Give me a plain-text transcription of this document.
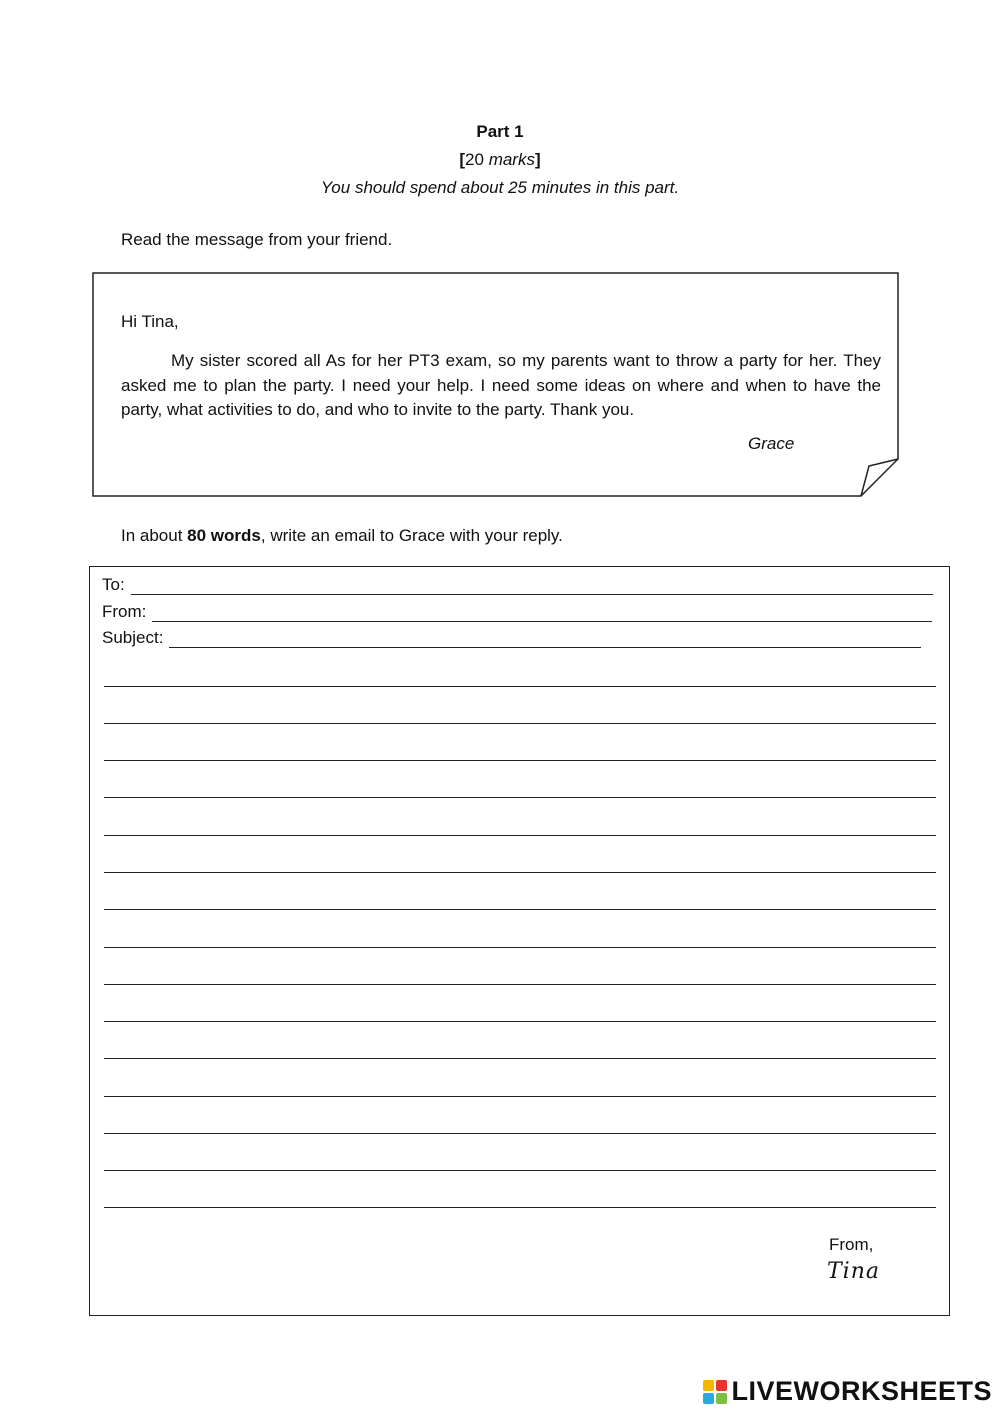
Part 1
[20 marks]
You should spend about 25 minutes in this part.
Read the message from your friend.
Hi Tina,
My sister scored all As for her PT3 exam, so my parents want to throw a party for her. They asked me to plan the party. I need your help. I need some ideas on where and when to have the party, what activities to do, and who to invite to the party. Thank you.
Grace
In about 80 words, write an email to Grace with your reply.
To:
From:
Subject:
From,
Tina
LIVEWORKSHEETS
